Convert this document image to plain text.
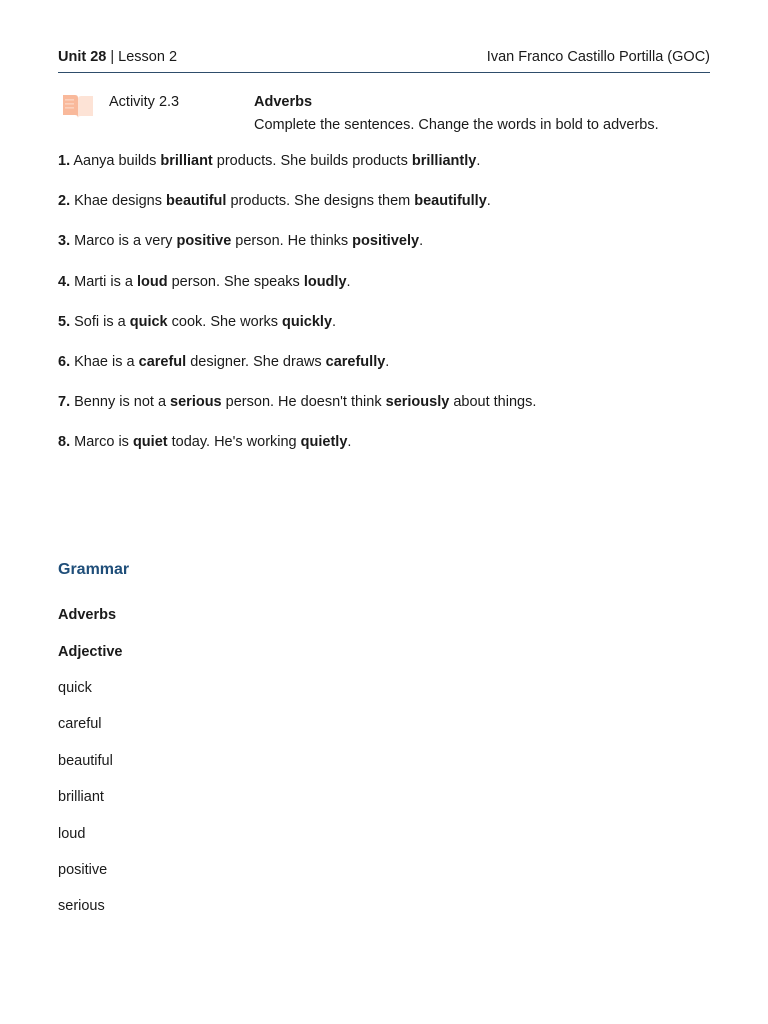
Unit 28 | Lesson 2	Ivan Franco Castillo Portilla (GOC)
Activity 2.3	Adverbs
Complete the sentences. Change the words in bold to adverbs.
1. Aanya builds brilliant products. She builds products brilliantly.
2. Khae designs beautiful products. She designs them beautifully.
3. Marco is a very positive person. He thinks positively.
4. Marti is a loud person. She speaks loudly.
5. Sofi is a quick cook. She works quickly.
6. Khae is a careful designer. She draws carefully.
7. Benny is not a serious person. He doesn't think seriously about things.
8. Marco is quiet today. He's working quietly.
Grammar
Adverbs
Adjective
quick
careful
beautiful
brilliant
loud
positive
serious
